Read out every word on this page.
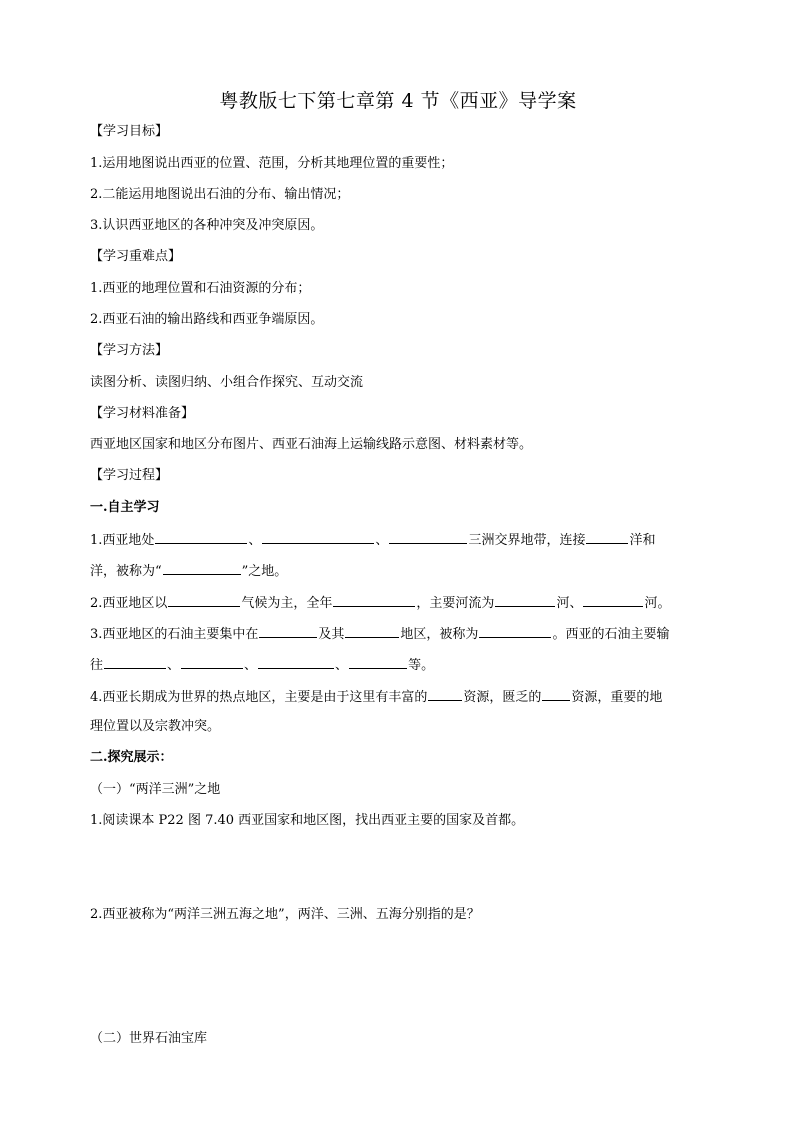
粤教版七下第七章第 4 节《西亚》导学案
【学习目标】
1.运用地图说出西亚的位置、范围，分析其地理位置的重要性；
2.二能运用地图说出石油的分布、输出情况；
3.认识西亚地区的各种冲突及冲突原因。
【学习重难点】
1.西亚的地理位置和石油资源的分布；
2.西亚石油的输出路线和西亚争端原因。
【学习方法】
读图分析、读图归纳、小组合作探究、互动交流
【学习材料准备】
西亚地区国家和地区分布图片、西亚石油海上运输线路示意图、材料素材等。
【学习过程】
一.自主学习
1.西亚地处	、	、	三洲交界地带，连接	洋和
洋，被称为“	”之地。
2.西亚地区以	气候为主，全年	，主要河流为	河、	河。
3.西亚地区的石油主要集中在	及其	地区，被称为	。西亚的石油主要输
往	、	、	、	等。
4.西亚长期成为世界的热点地区，主要是由于这里有丰富的	资源，匮乏的 资源，重要的地
理位置以及宗教冲突。
二.探究展示：
（一）“两洋三洲”之地
1.阅读课本 P22 图 7.40 西亚国家和地区图，找出西亚主要的国家及首都。
2.西亚被称为“两洋三洲五海之地”，两洋、三洲、五海分别指的是？
（二）世界石油宝库
